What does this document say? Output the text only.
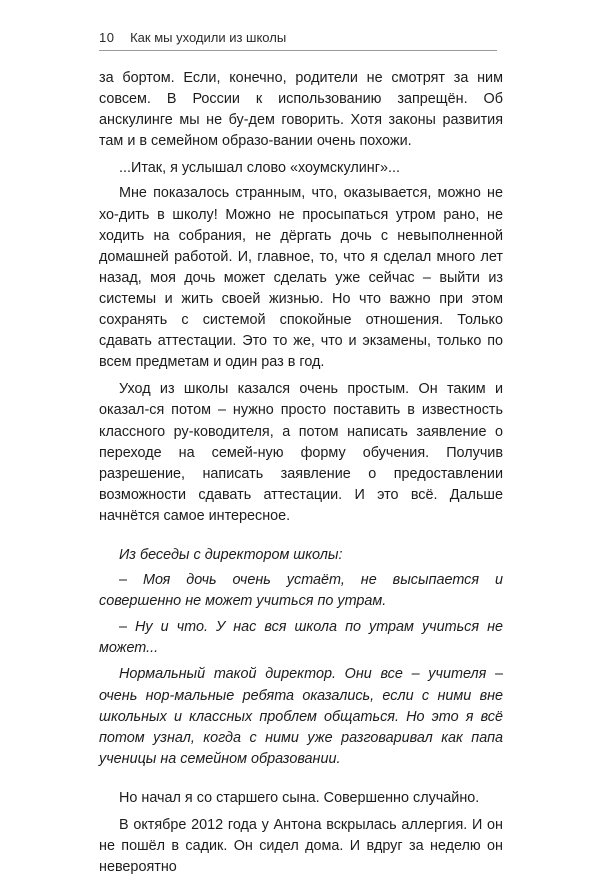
10 Как мы уходили из школы

за бортом. Если, конечно, родители не смотрят за ним совсем. В России к использованию запрещён. Об анскулинге мы не бу-дем говорить. Хотя законы развития там и в семейном образо-вании очень похожи.

...Итак, я услышал слово «хоумскулинг»...

Мне показалось странным, что, оказывается, можно не хо-дить в школу! Можно не просыпаться утром рано, не ходить на собрания, не дёргать дочь с невыполненной домашней работой. И, главное, то, что я сделал много лет назад, моя дочь может сделать уже сейчас – выйти из системы и жить своей жизнью. Но что важно при этом сохранять с системой спокойные отношения. Только сдавать аттестации. Это то же, что и экзамены, только по всем предметам и один раз в год.

Уход из школы казался очень простым. Он таким и оказал-ся потом – нужно просто поставить в известность классного ру-ководителя, а потом написать заявление о переходе на семей-ную форму обучения. Получив разрешение, написать заявление о предоставлении возможности сдавать аттестации. И это всё. Дальше начнётся самое интересное.

Из беседы с директором школы:

– Моя дочь очень устаёт, не высыпается и совершенно не может учиться по утрам.

– Ну и что. У нас вся школа по утрам учиться не может...

Нормальный такой директор. Они все – учителя – очень нор-мальные ребята оказались, если с ними вне школьных и классных проблем общаться. Но это я всё потом узнал, когда с ними уже разговаривал как папа ученицы на семейном образовании.

Но начал я со старшего сына. Совершенно случайно.

В октябре 2012 года у Антона вскрылась аллергия. И он не пошёл в садик. Он сидел дома. И вдруг за неделю он невероятно
